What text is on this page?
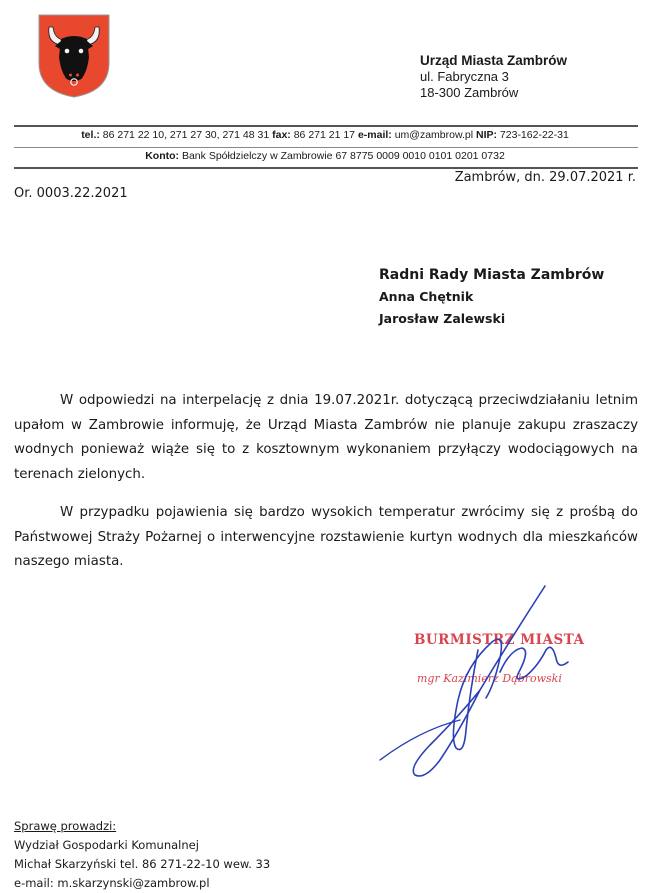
Urząd Miasta Zambrów
ul. Fabryczna 3
18-300 Zambrów
tel.: 86 271 22 10, 271 27 30, 271 48 31 fax: 86 271 21 17 e-mail: um@zambrow.pl NIP: 723-162-22-31
Konto: Bank Spółdzielczy w Zambrowie 67 8775 0009 0010 0101 0201 0732
Zambrów, dn. 29.07.2021 r.
Or. 0003.22.2021
Radni Rady Miasta Zambrów
Anna Chętnik
Jarosław Zalewski

W odpowiedzi na interpelację z dnia 19.07.2021r. dotyczącą przeciwdziałaniu letnim upałom w Zambrowie informuję, że Urząd Miasta Zambrów nie planuje zakupu zraszaczy wodnych ponieważ wiąże się to z kosztownym wykonaniem przyłączy wodociągowych na terenach zielonych.

W przypadku pojawienia się bardzo wysokich temperatur zwrócimy się z prośbą do Państwowej Straży Pożarnej o interwencyjne rozstawienie kurtyn wodnych dla mieszkańców naszego miasta.

BURMISTRZ MIASTA
mgr Kazimierz Dąbrowski
Sprawę prowadzi:
Wydział Gospodarki Komunalnej
Michał Skarzyński tel. 86 271-22-10 wew. 33
e-mail: m.skarzynski@zambrow.pl
